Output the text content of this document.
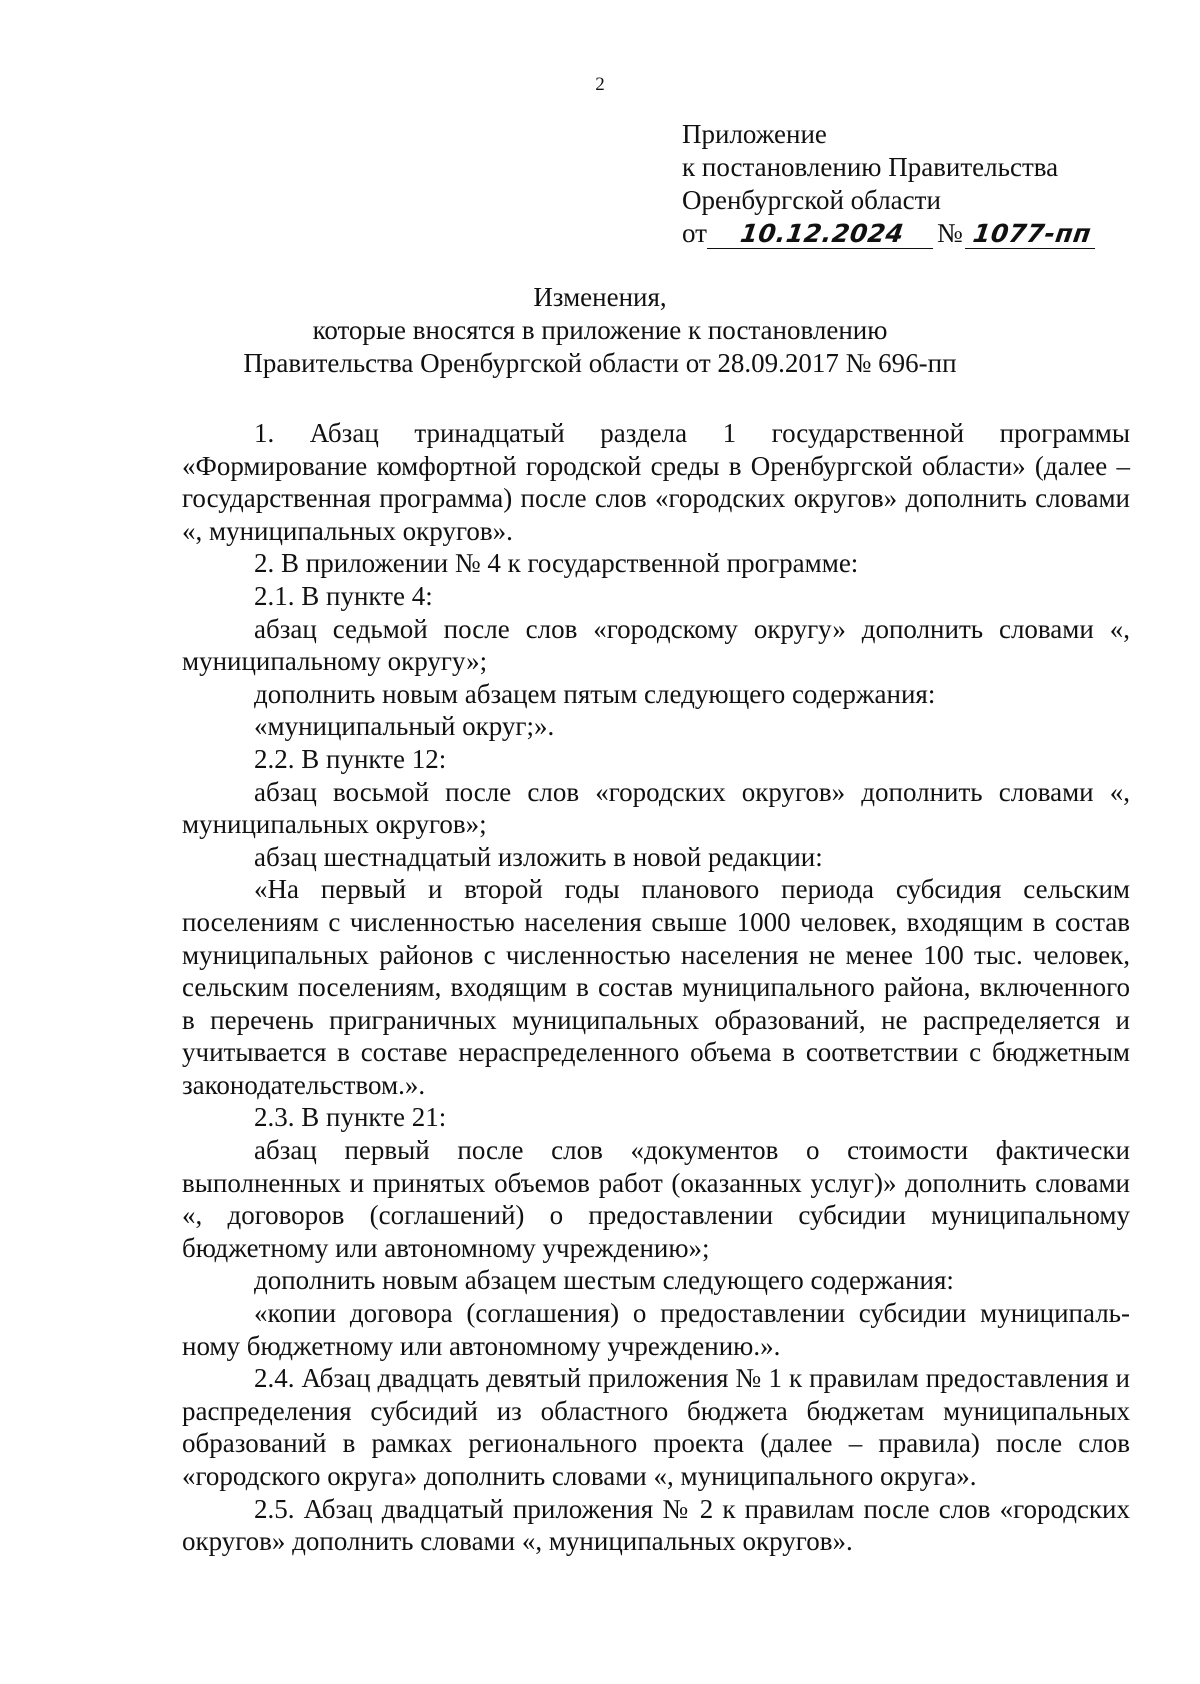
2
Приложение
к постановлению Правительства
Оренбургской области
от	10.12.2024	№ 1077-пп
Изменения,
которые вносятся в приложение к постановлению
Правительства Оренбургской области от 28.09.2017 № 696-пп

1. Абзац тринадцатый раздела 1 государственной программы «Формирование комфортной городской среды в Оренбургской области» (далее – государственная программа) после слов «городских округов» дополнить словами «, муниципальных округов».

2. В приложении № 4 к государственной программе:

2.1. В пункте 4:

абзац седьмой после слов «городскому округу» дополнить словами «, муниципальному округу»;

дополнить новым абзацем пятым следующего содержания:

«муниципальный округ;».

2.2. В пункте 12:

абзац восьмой после слов «городских округов» дополнить словами «, муниципальных округов»;

абзац шестнадцатый изложить в новой редакции:

«На первый и второй годы планового периода субсидия сельским поселениям с численностью населения свыше 1000 человек, входящим в состав муниципальных районов с численностью населения не менее 100 тыс. человек, сельским поселениям, входящим в состав муниципального района, включенного в перечень приграничных муниципальных образований, не распределяется и учитывается в составе нераспределенного объема в соответствии с бюджетным законодательством.».

2.3. В пункте 21:

абзац первый после слов «документов о стоимости фактически выполненных и принятых объемов работ (оказанных услуг)» дополнить словами «, договоров (соглашений) о предоставлении субсидии муниципальному бюджетному или автономному учреждению»;

дополнить новым абзацем шестым следующего содержания:

«копии договора (соглашения) о предоставлении субсидии муниципальному бюджетному или автономному учреждению.».

2.4. Абзац двадцать девятый приложения № 1 к правилам предоставления и распределения субсидий из областного бюджета бюджетам муниципальных образований в рамках регионального проекта (далее – правила) после слов «городского округа» дополнить словами «, муниципального округа».

2.5. Абзац двадцатый приложения № 2 к правилам после слов «городских округов» дополнить словами «, муниципальных округов».
